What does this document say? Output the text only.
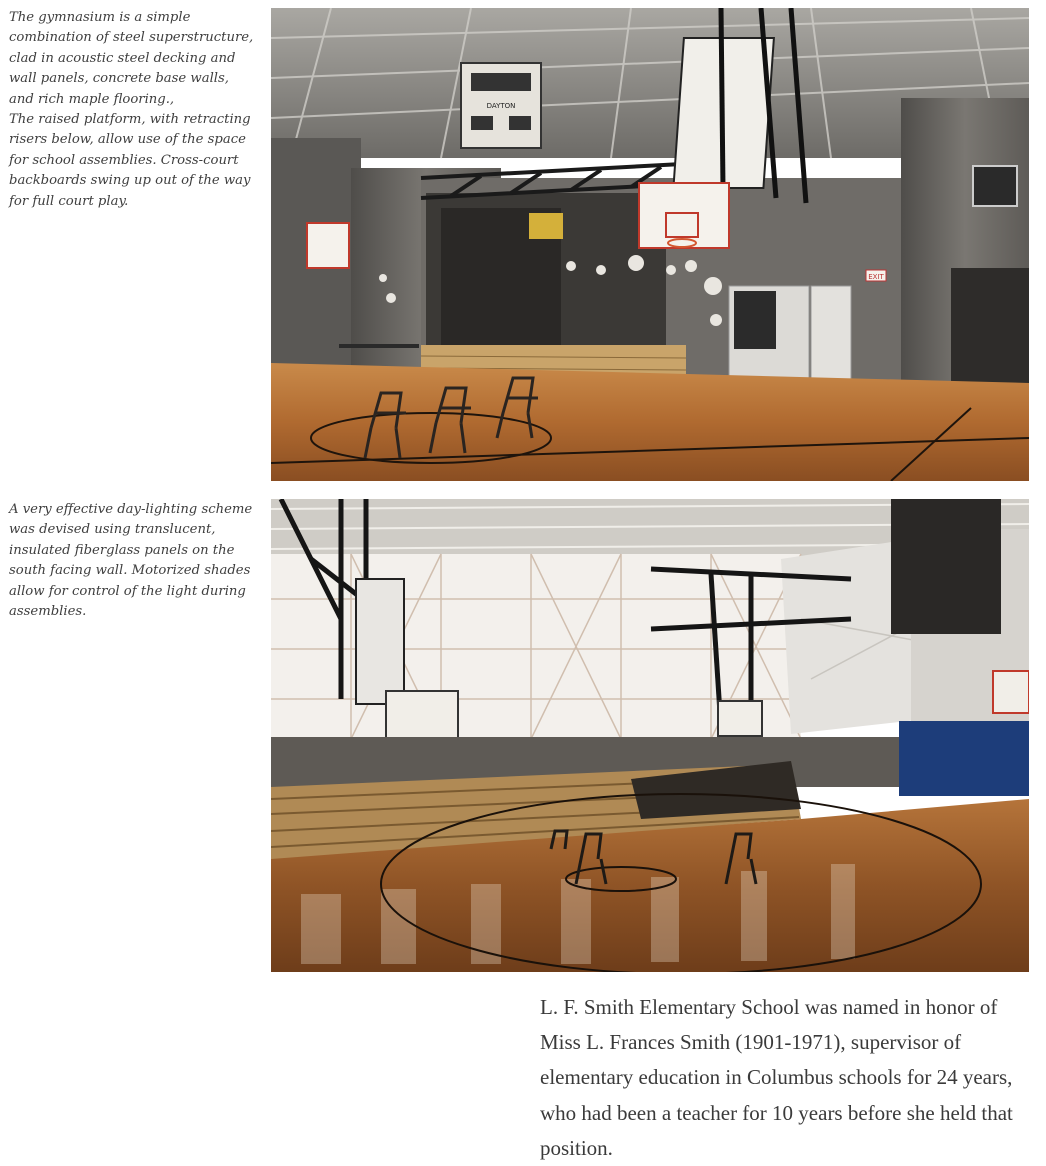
The gymnasium is a simple combination of steel superstructure, clad in acoustic steel decking and wall panels, concrete base walls, and rich maple flooring.,

The raised platform, with retracting risers below, allow use of the space for school assemblies. Cross-court backboards swing up out of the way for full court play.

DAYTON
EXIT

A very effective day-lighting scheme was devised using translucent, insulated fiberglass panels on the south facing wall. Motorized shades allow for control of the light during assemblies.

L. F. Smith Elementary School was named in honor of Miss L. Frances Smith (1901-1971), supervisor of elementary education in Columbus schools for 24 years, who had been a teacher for 10 years before she held that position.
